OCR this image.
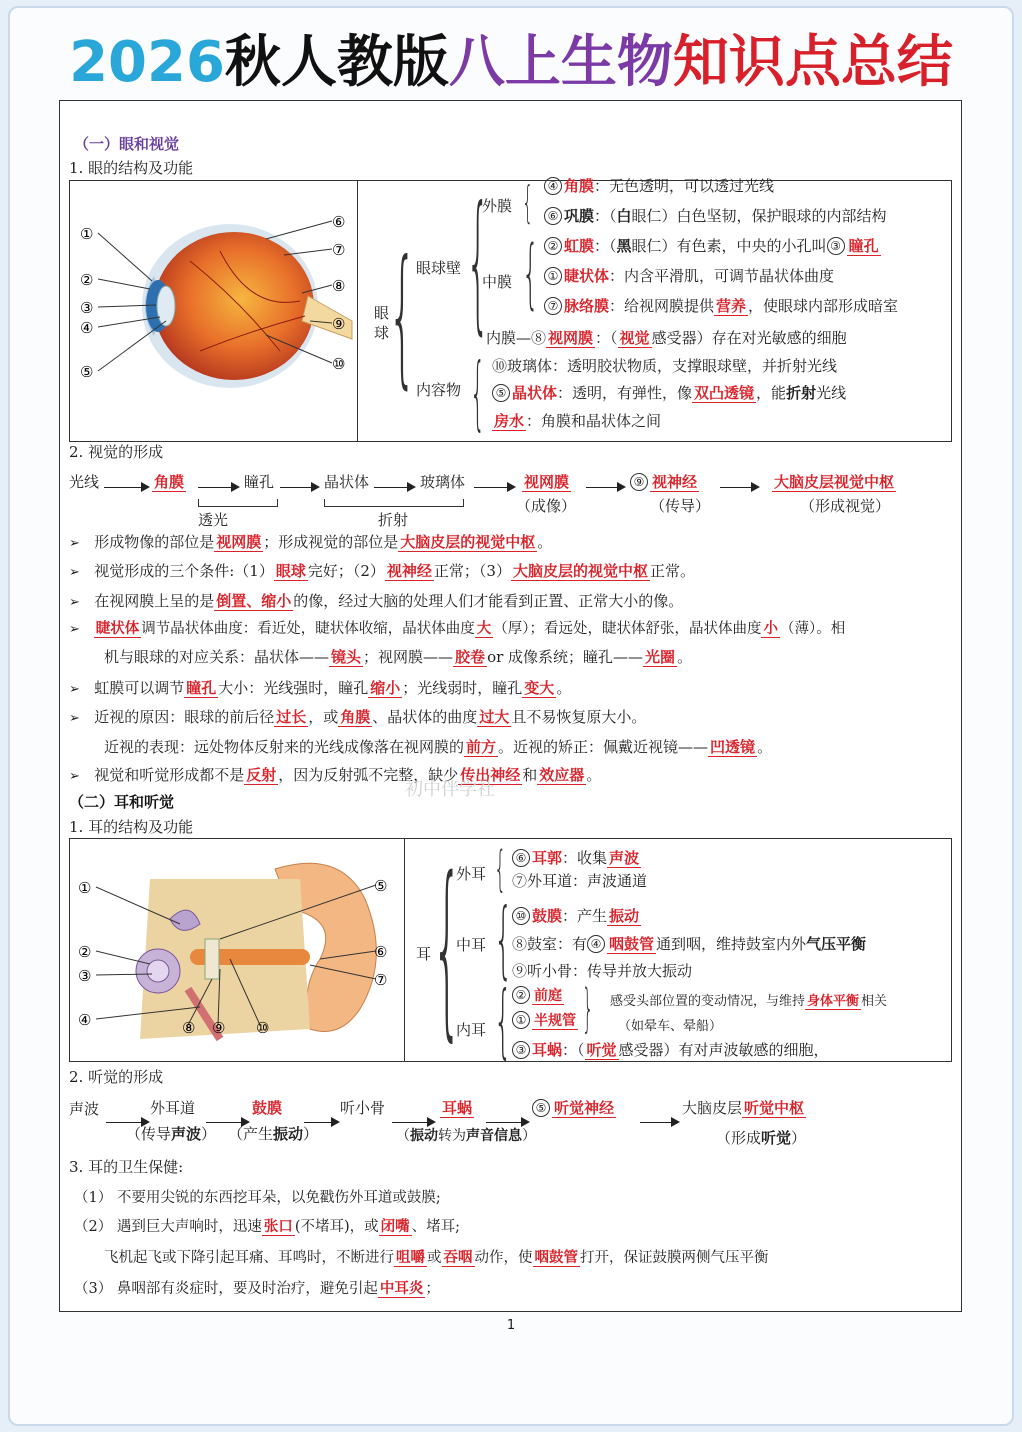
2026秋人教版八上生物知识点总结
（一）眼和视觉
1. 眼的结构及功能
①
②
③
④
⑤
⑥
⑦
⑧
⑨
⑩
眼球
{ 眼球壁
内容物
{
外膜
中膜
{
{
{
④ 角膜：无色透明，可以透过光线
⑥ 巩膜：（白眼仁）白色坚韧，保护眼球的内部结构
② 虹膜：（黑眼仁）有色素，中央的小孔叫 ③ 瞳孔
① 睫状体：内含平滑肌，可调节晶状体曲度
⑦ 脉络膜：给视网膜提供 营养 ，使眼球内部形成暗室
内膜—⑧ 视网膜 ：（ 视觉 感受器）存在对光敏感的细胞
⑩玻璃体：透明胶状物质，支撑眼球壁，并折射光线
⑤ 晶状体：透明，有弹性，像 双凸透镜 ，能折射光线
房水 ：角膜和晶状体之间
2. 视觉的形成
光线	角膜	瞳孔	晶状体	玻璃体	视网膜
（成像）
⑨ 视神经
（传导）
大脑皮层视觉中枢
（形成视觉）
透光	折射
➢ 形成物像的部位是 视网膜 ；形成视觉的部位是 大脑皮层的视觉中枢 。
➢ 视觉形成的三个条件:（1） 眼球 完好；（2） 视神经 正常；（3） 大脑皮层的视觉中枢 正常。
➢ 在视网膜上呈的是 倒置、缩小 的像，经过大脑的处理人们才能看到正置、正常大小的像。
➢ 睫状体 调节晶状体曲度：看近处，睫状体收缩，晶状体曲度 大 （厚）；看远处，睫状体舒张，晶状体曲度 小 （薄）。相
机与眼球的对应关系：晶状体—— 镜头 ；视网膜—— 胶卷 or 成像系统；瞳孔—— 光圈 。
➢ 虹膜可以调节 瞳孔 大小：光线强时，瞳孔 缩小 ；光线弱时，瞳孔 变大 。
➢ 近视的原因：眼球的前后径 过长 ，或 角膜 、晶状体的曲度 过大 且不易恢复原大小。
近视的表现：远处物体反射来的光线成像落在视网膜的 前方 。近视的矫正：佩戴近视镜—— 凹透镜 。
➢ 视觉和听觉形成都不是 反射 ，因为反射弧不完整，缺少 传出神经 和 效应器 。
（二）耳和听觉
1. 耳的结构及功能
①
②
③
④
⑤
⑥
⑦
⑧ ⑨ ⑩
耳 {
外耳
中耳
内耳
{
{
{
⑥ 耳郭：收集 声波
⑦外耳道：声波通道
⑩ 鼓膜：产生 振动
⑧鼓室：有 ④ 咽鼓管 通到咽，维持鼓室内外气压平衡
⑨听小骨：传导并放大振动
② 前庭
① 半规管 } 感受头部位置的变动情况，与维持 身体平衡 相关
（如晕车、晕船）
③ 耳蜗：（ 听觉 感受器）有对声波敏感的细胞，
2. 听觉的形成
声波	外耳道
（传导声波）
鼓膜
（产生振动）
听小骨	耳蜗
（振动转为声音信息）
⑤ 听觉神经	大脑皮层 听觉中枢
（形成听觉）
3. 耳的卫生保健:
（1） 不要用尖锐的东西挖耳朵，以免戳伤外耳道或鼓膜;
（2） 遇到巨大声响时，迅速 张口 (不堵耳)，或 闭嘴 、堵耳;
飞机起飞或下降引起耳痛、耳鸣时，不断进行 咀嚼 或 吞咽 动作，使 咽鼓管 打开，保证鼓膜两侧气压平衡
（3） 鼻咽部有炎症时，要及时治疗，避免引起 中耳炎 ；
初中伴学社
1
